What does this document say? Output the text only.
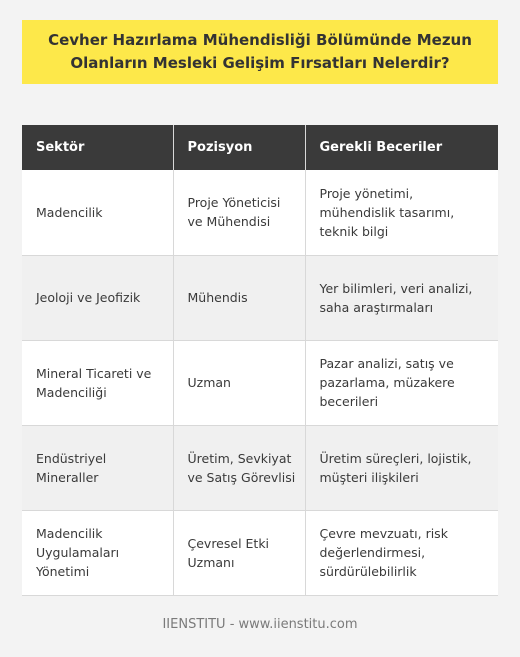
Cevher Hazırlama Mühendisliği Bölümünde Mezun Olanların Mesleki Gelişim Fırsatları Nelerdir?
Sektör	Pozisyon	Gerekli Beceriler
Madencilik	Proje Yöneticisi ve Mühendisi	Proje yönetimi, mühendislik tasarımı, teknik bilgi
Jeoloji ve Jeofizik	Mühendis	Yer bilimleri, veri analizi, saha araştırmaları
Mineral Ticareti ve Madenciliği	Uzman	Pazar analizi, satış ve pazarlama, müzakere becerileri
Endüstriyel Mineraller	Üretim, Sevkiyat ve Satış Görevlisi	Üretim süreçleri, lojistik, müşteri ilişkileri
Madencilik Uygulamaları Yönetimi	Çevresel Etki Uzmanı	Çevre mevzuatı, risk değerlendirmesi, sürdürülebilirlik
IIENSTITU - www.iienstitu.com
